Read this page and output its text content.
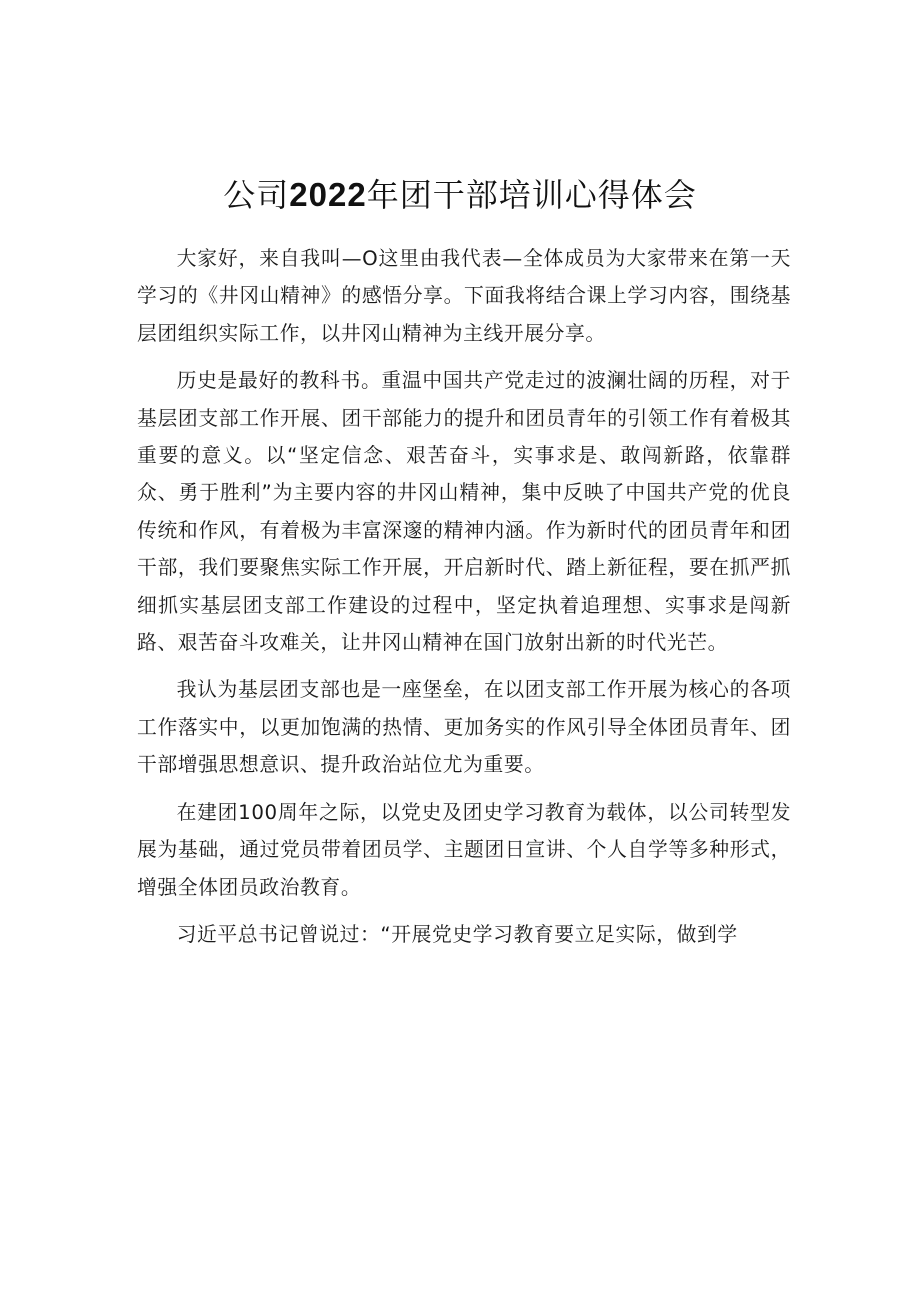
公司2022年团干部培训心得体会

大家好，来自我叫—O这里由我代表—全体成员为大家带来在第一天学习的《井冈山精神》的感悟分享。下面我将结合课上学习内容，围绕基层团组织实际工作，以井冈山精神为主线开展分享。

历史是最好的教科书。重温中国共产党走过的波澜壮阔的历程，对于基层团支部工作开展、团干部能力的提升和团员青年的引领工作有着极其重要的意义。以“坚定信念、艰苦奋斗，实事求是、敢闯新路，依靠群众、勇于胜利”为主要内容的井冈山精神，集中反映了中国共产党的优良传统和作风，有着极为丰富深邃的精神内涵。作为新时代的团员青年和团干部，我们要聚焦实际工作开展，开启新时代、踏上新征程，要在抓严抓细抓实基层团支部工作建设的过程中，坚定执着追理想、实事求是闯新路、艰苦奋斗攻难关，让井冈山精神在国门放射出新的时代光芒。

我认为基层团支部也是一座堡垒，在以团支部工作开展为核心的各项工作落实中，以更加饱满的热情、更加务实的作风引导全体团员青年、团干部增强思想意识、提升政治站位尤为重要。

在建团100周年之际，以党史及团史学习教育为载体，以公司转型发展为基础，通过党员带着团员学、主题团日宣讲、个人自学等多种形式，增强全体团员政治教育。

习近平总书记曾说过：“开展党史学习教育要立足实际，做到学
